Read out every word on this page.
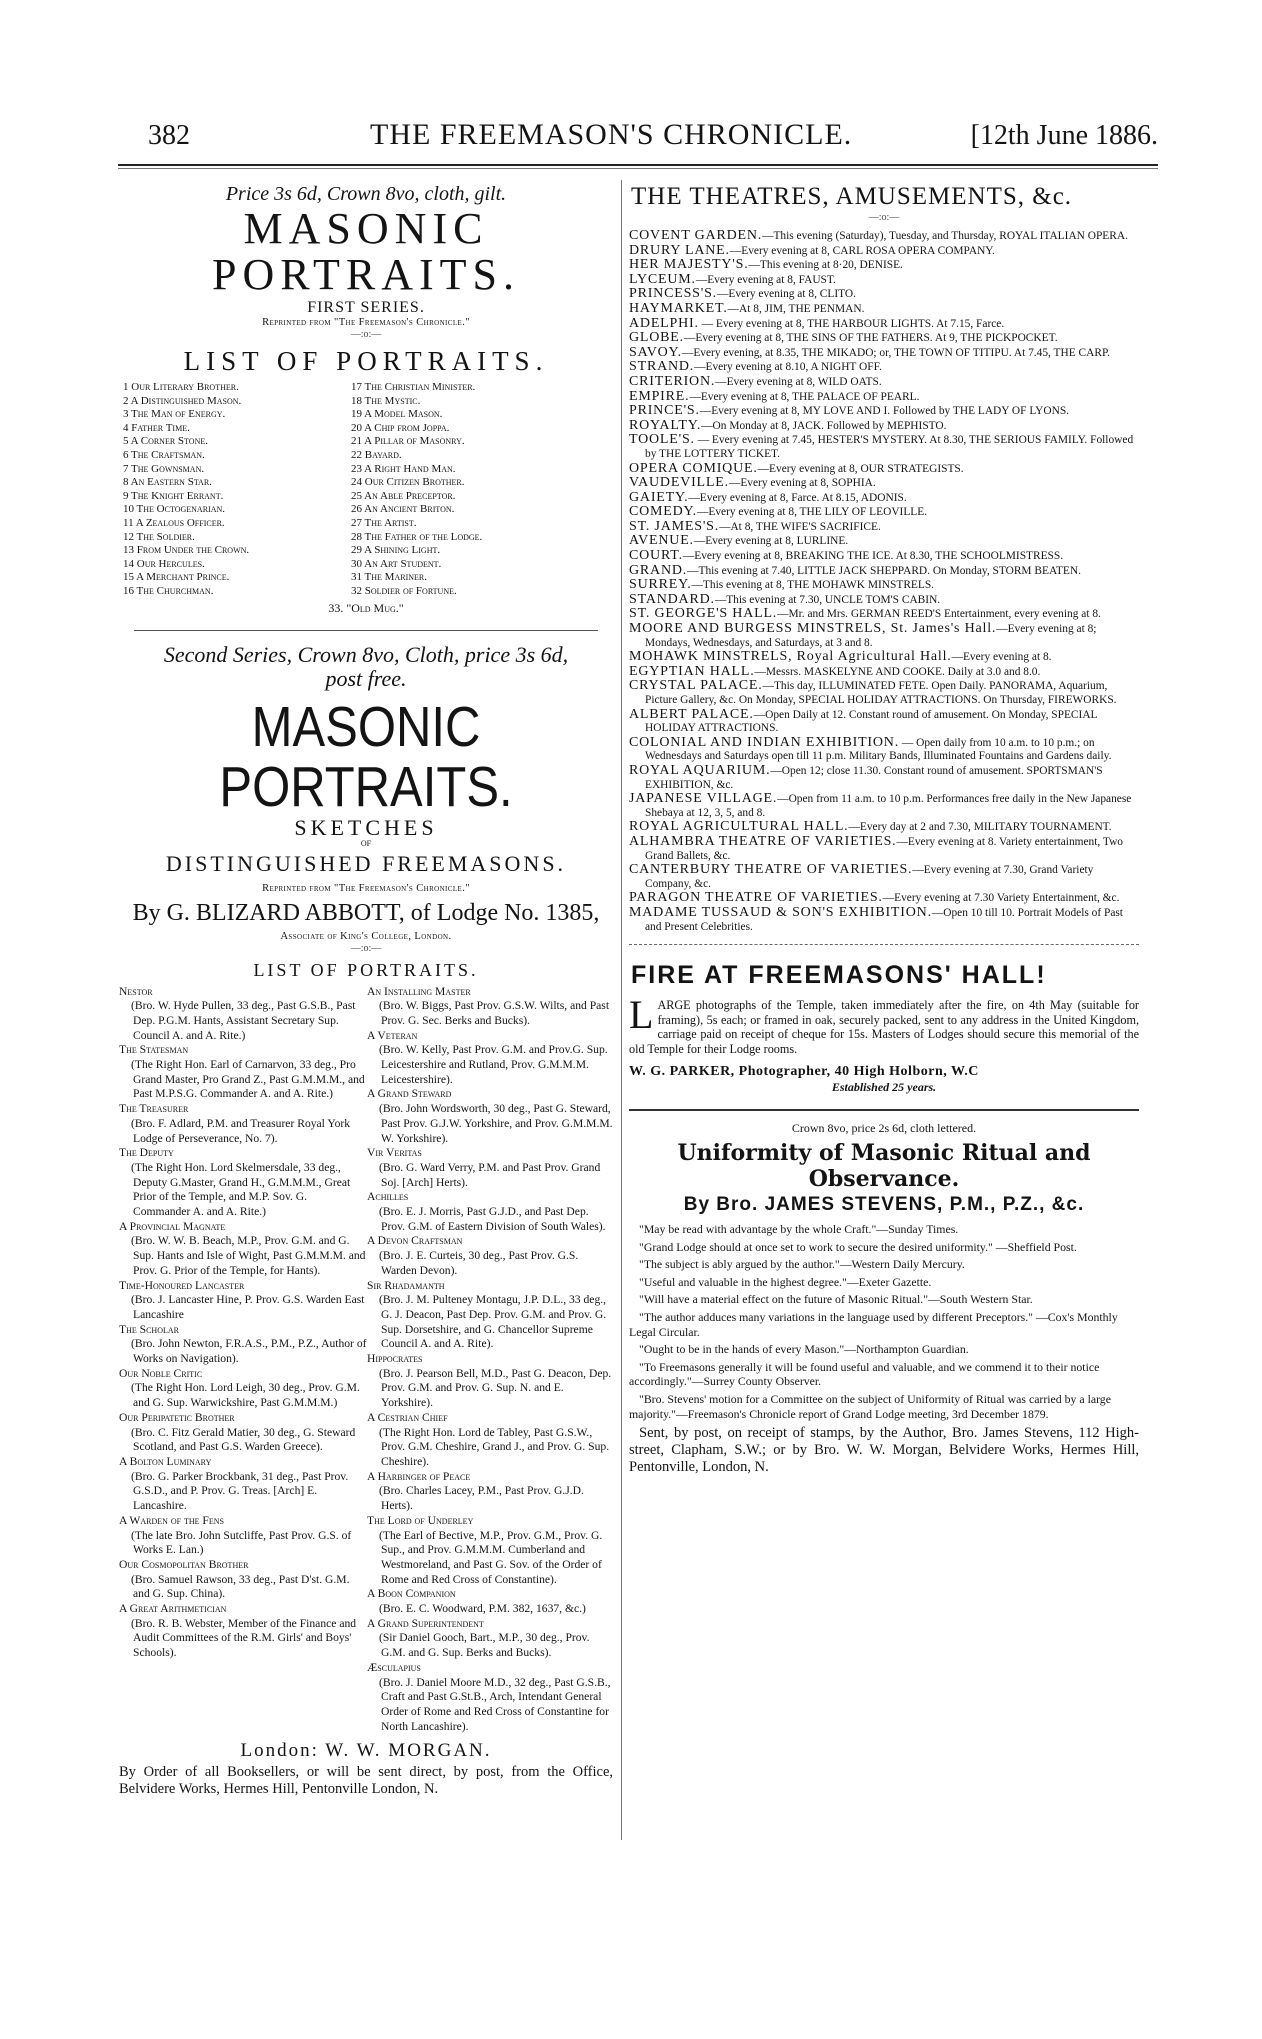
382	THE FREEMASON'S CHRONICLE.	[12th June 1886.
Price 3s 6d, Crown 8vo, cloth, gilt.
MASONIC PORTRAITS.
FIRST SERIES.
Reprinted from "The Freemason's Chronicle."
—:o:—
LIST OF PORTRAITS.
1 Our Literary Brother.
2 A Distinguished Mason.
3 The Man of Energy.
4 Father Time.
5 A Corner Stone.
6 The Craftsman.
7 The Gownsman.
8 An Eastern Star.
9 The Knight Errant.
10 The Octogenarian.
11 A Zealous Officer.
12 The Soldier.
13 From Under the Crown.
14 Our Hercules.
15 A Merchant Prince.
16 The Churchman.
17 The Christian Minister.
18 The Mystic.
19 A Model Mason.
20 A Chip from Joppa.
21 A Pillar of Masonry.
22 Bayard.
23 A Right Hand Man.
24 Our Citizen Brother.
25 An Able Preceptor.
26 An Ancient Briton.
27 The Artist.
28 The Father of the Lodge.
29 A Shining Light.
30 An Art Student.
31 The Mariner.
32 Soldier of Fortune.
33. "Old Mug."
Second Series, Crown 8vo, Cloth, price 3s 6d,
post free.
MASONIC PORTRAITS.
SKETCHES
OF
DISTINGUISHED FREEMASONS.
Reprinted from "The Freemason's Chronicle."
By G. BLIZARD ABBOTT, of Lodge No. 1385,
Associate of King's College, London.
—:o:—
LIST OF PORTRAITS.
Nestor
(Bro. W. Hyde Pullen, 33 deg., Past G.S.B., Past Dep. P.G.M. Hants, Assistant Secretary Sup. Council A. and A. Rite.)
The Statesman
(The Right Hon. Earl of Carnarvon, 33 deg., Pro Grand Master, Pro Grand Z., Past G.M.M.M., and Past M.P.S.G. Commander A. and A. Rite.)
The Treasurer
(Bro. F. Adlard, P.M. and Treasurer Royal York Lodge of Perseverance, No. 7).
The Deputy
(The Right Hon. Lord Skelmersdale, 33 deg., Deputy G.Master, Grand H., G.M.M.M., Great Prior of the Temple, and M.P. Sov. G. Commander A. and A. Rite.)
A Provincial Magnate
(Bro. W. W. B. Beach, M.P., Prov. G.M. and G. Sup. Hants and Isle of Wight, Past G.M.M.M. and Prov. G. Prior of the Temple, for Hants).
Time-Honoured Lancaster
(Bro. J. Lancaster Hine, P. Prov. G.S. Warden East Lancashire
The Scholar
(Bro. John Newton, F.R.A.S., P.M., P.Z., Author of Works on Navigation).
Our Noble Critic
(The Right Hon. Lord Leigh, 30 deg., Prov. G.M. and G. Sup. Warwickshire, Past G.M.M.M.)
Our Peripatetic Brother
(Bro. C. Fitz Gerald Matier, 30 deg., G. Steward Scotland, and Past G.S. Warden Greece).
A Bolton Luminary
(Bro. G. Parker Brockbank, 31 deg., Past Prov. G.S.D., and P. Prov. G. Treas. [Arch] E. Lancashire.
A Warden of the Fens
(The late Bro. John Sutcliffe, Past Prov. G.S. of Works E. Lan.)
Our Cosmopolitan Brother
(Bro. Samuel Rawson, 33 deg., Past D'st. G.M. and G. Sup. China).
A Great Arithmetician
(Bro. R. B. Webster, Member of the Finance and Audit Committees of the R.M. Girls' and Boys' Schools).
An Installing Master
(Bro. W. Biggs, Past Prov. G.S.W. Wilts, and Past Prov. G. Sec. Berks and Bucks).
A Veteran
(Bro. W. Kelly, Past Prov. G.M. and Prov.G. Sup. Leicestershire and Rutland, Prov. G.M.M.M. Leicestershire).
A Grand Steward
(Bro. John Wordsworth, 30 deg., Past G. Steward, Past Prov. G.J.W. Yorkshire, and Prov. G.M.M.M. W. Yorkshire).
Vir Veritas
(Bro. G. Ward Verry, P.M. and Past Prov. Grand Soj. [Arch] Herts).
Achilles
(Bro. E. J. Morris, Past G.J.D., and Past Dep. Prov. G.M. of Eastern Division of South Wales).
A Devon Craftsman
(Bro. J. E. Curteis, 30 deg., Past Prov. G.S. Warden Devon).
Sir Rhadamanth
(Bro. J. M. Pulteney Montagu, J.P. D.L., 33 deg., G. J. Deacon, Past Dep. Prov. G.M. and Prov. G. Sup. Dorsetshire, and G. Chancellor Supreme Council A. and A. Rite).
Hippocrates
(Bro. J. Pearson Bell, M.D., Past G. Deacon, Dep. Prov. G.M. and Prov. G. Sup. N. and E. Yorkshire).
A Cestrian Chief
(The Right Hon. Lord de Tabley, Past G.S.W., Prov. G.M. Cheshire, Grand J., and Prov. G. Sup. Cheshire).
A Harbinger of Peace
(Bro. Charles Lacey, P.M., Past Prov. G.J.D. Herts).
The Lord of Underley
(The Earl of Bective, M.P., Prov. G.M., Prov. G. Sup., and Prov. G.M.M.M. Cumberland and Westmoreland, and Past G. Sov. of the Order of Rome and Red Cross of Constantine).
A Boon Companion
(Bro. E. C. Woodward, P.M. 382, 1637, &c.)
A Grand Superintendent
(Sir Daniel Gooch, Bart., M.P., 30 deg., Prov. G.M. and G. Sup. Berks and Bucks).
Æsculapius
(Bro. J. Daniel Moore M.D., 32 deg., Past G.S.B., Craft and Past G.St.B., Arch, Intendant General Order of Rome and Red Cross of Constantine for North Lancashire).
London: W. W. MORGAN.
By Order of all Booksellers, or will be sent direct, by post, from the Office, Belvidere Works, Hermes Hill, Pentonville London, N.
THE THEATRES, AMUSEMENTS, &c.
—:o:—
COVENT GARDEN.—This evening (Saturday), Tuesday, and Thursday, ROYAL ITALIAN OPERA.
DRURY LANE.—Every evening at 8, CARL ROSA OPERA COMPANY.
HER MAJESTY'S.—This evening at 8·20, DENISE.
LYCEUM.—Every evening at 8, FAUST.
PRINCESS'S.—Every evening at 8, CLITO.
HAYMARKET.—At 8, JIM, THE PENMAN.
ADELPHI. — Every evening at 8, THE HARBOUR LIGHTS. At 7.15, Farce.
GLOBE.—Every evening at 8, THE SINS OF THE FATHERS. At 9, THE PICKPOCKET.
SAVOY.—Every evening, at 8.35, THE MIKADO; or, THE TOWN OF TITIPU. At 7.45, THE CARP.
STRAND.—Every evening at 8.10, A NIGHT OFF.
CRITERION.—Every evening at 8, WILD OATS.
EMPIRE.—Every evening at 8, THE PALACE OF PEARL.
PRINCE'S.—Every evening at 8, MY LOVE AND I. Followed by THE LADY OF LYONS.
ROYALTY.—On Monday at 8, JACK. Followed by MEPHISTO.
TOOLE'S. — Every evening at 7.45, HESTER'S MYSTERY. At 8.30, THE SERIOUS FAMILY. Followed by THE LOTTERY TICKET.
OPERA COMIQUE.—Every evening at 8, OUR STRATEGISTS.
VAUDEVILLE.—Every evening at 8, SOPHIA.
GAIETY.—Every evening at 8, Farce. At 8.15, ADONIS.
COMEDY.—Every evening at 8, THE LILY OF LEOVILLE.
ST. JAMES'S.—At 8, THE WIFE'S SACRIFICE.
AVENUE.—Every evening at 8, LURLINE.
COURT.—Every evening at 8, BREAKING THE ICE. At 8.30, THE SCHOOLMISTRESS.
GRAND.—This evening at 7.40, LITTLE JACK SHEPPARD. On Monday, STORM BEATEN.
SURREY.—This evening at 8, THE MOHAWK MINSTRELS.
STANDARD.—This evening at 7.30, UNCLE TOM'S CABIN.
ST. GEORGE'S HALL.—Mr. and Mrs. GERMAN REED'S Entertainment, every evening at 8.
MOORE AND BURGESS MINSTRELS, St. James's Hall.—Every evening at 8; Mondays, Wednesdays, and Saturdays, at 3 and 8.
MOHAWK MINSTRELS, Royal Agricultural Hall.—Every evening at 8.
EGYPTIAN HALL.—Messrs. MASKELYNE AND COOKE. Daily at 3.0 and 8.0.
CRYSTAL PALACE.—This day, ILLUMINATED FETE. Open Daily. PANORAMA, Aquarium, Picture Gallery, &c. On Monday, SPECIAL HOLIDAY ATTRACTIONS. On Thursday, FIREWORKS.
ALBERT PALACE.—Open Daily at 12. Constant round of amusement. On Monday, SPECIAL HOLIDAY ATTRACTIONS.
COLONIAL AND INDIAN EXHIBITION. — Open daily from 10 a.m. to 10 p.m.; on Wednesdays and Saturdays open till 11 p.m. Military Bands, Illuminated Fountains and Gardens daily.
ROYAL AQUARIUM.—Open 12; close 11.30. Constant round of amusement. SPORTSMAN'S EXHIBITION, &c.
JAPANESE VILLAGE.—Open from 11 a.m. to 10 p.m. Performances free daily in the New Japanese Shebaya at 12, 3, 5, and 8.
ROYAL AGRICULTURAL HALL.—Every day at 2 and 7.30, MILITARY TOURNAMENT.
ALHAMBRA THEATRE OF VARIETIES.—Every evening at 8. Variety entertainment, Two Grand Ballets, &c.
CANTERBURY THEATRE OF VARIETIES.—Every evening at 7.30, Grand Variety Company, &c.
PARAGON THEATRE OF VARIETIES.—Every evening at 7.30 Variety Entertainment, &c.
MADAME TUSSAUD & SON'S EXHIBITION.—Open 10 till 10. Portrait Models of Past and Present Celebrities.
FIRE AT FREEMASONS' HALL!
LARGE photographs of the Temple, taken immediately after the fire, on 4th May (suitable for framing), 5s each; or framed in oak, securely packed, sent to any address in the United Kingdom, carriage paid on receipt of cheque for 15s. Masters of Lodges should secure this memorial of the old Temple for their Lodge rooms.
W. G. PARKER, Photographer, 40 High Holborn, W.C
Established 25 years.
Crown 8vo, price 2s 6d, cloth lettered.
Uniformity of Masonic Ritual and Observance.
By Bro. JAMES STEVENS, P.M., P.Z., &c.

"May be read with advantage by the whole Craft."—Sunday Times.

"Grand Lodge should at once set to work to secure the desired uniformity." —Sheffield Post.

"The subject is ably argued by the author."—Western Daily Mercury.

"Useful and valuable in the highest degree."—Exeter Gazette.

"Will have a material effect on the future of Masonic Ritual."—South Western Star.

"The author adduces many variations in the language used by different Preceptors." —Cox's Monthly Legal Circular.

"Ought to be in the hands of every Mason."—Northampton Guardian.

"To Freemasons generally it will be found useful and valuable, and we commend it to their notice accordingly."—Surrey County Observer.

"Bro. Stevens' motion for a Committee on the subject of Uniformity of Ritual was carried by a large majority."—Freemason's Chronicle report of Grand Lodge meeting, 3rd December 1879.

Sent, by post, on receipt of stamps, by the Author, Bro. James Stevens, 112 High-street, Clapham, S.W.; or by Bro. W. W. Morgan, Belvidere Works, Hermes Hill, Pentonville, London, N.
